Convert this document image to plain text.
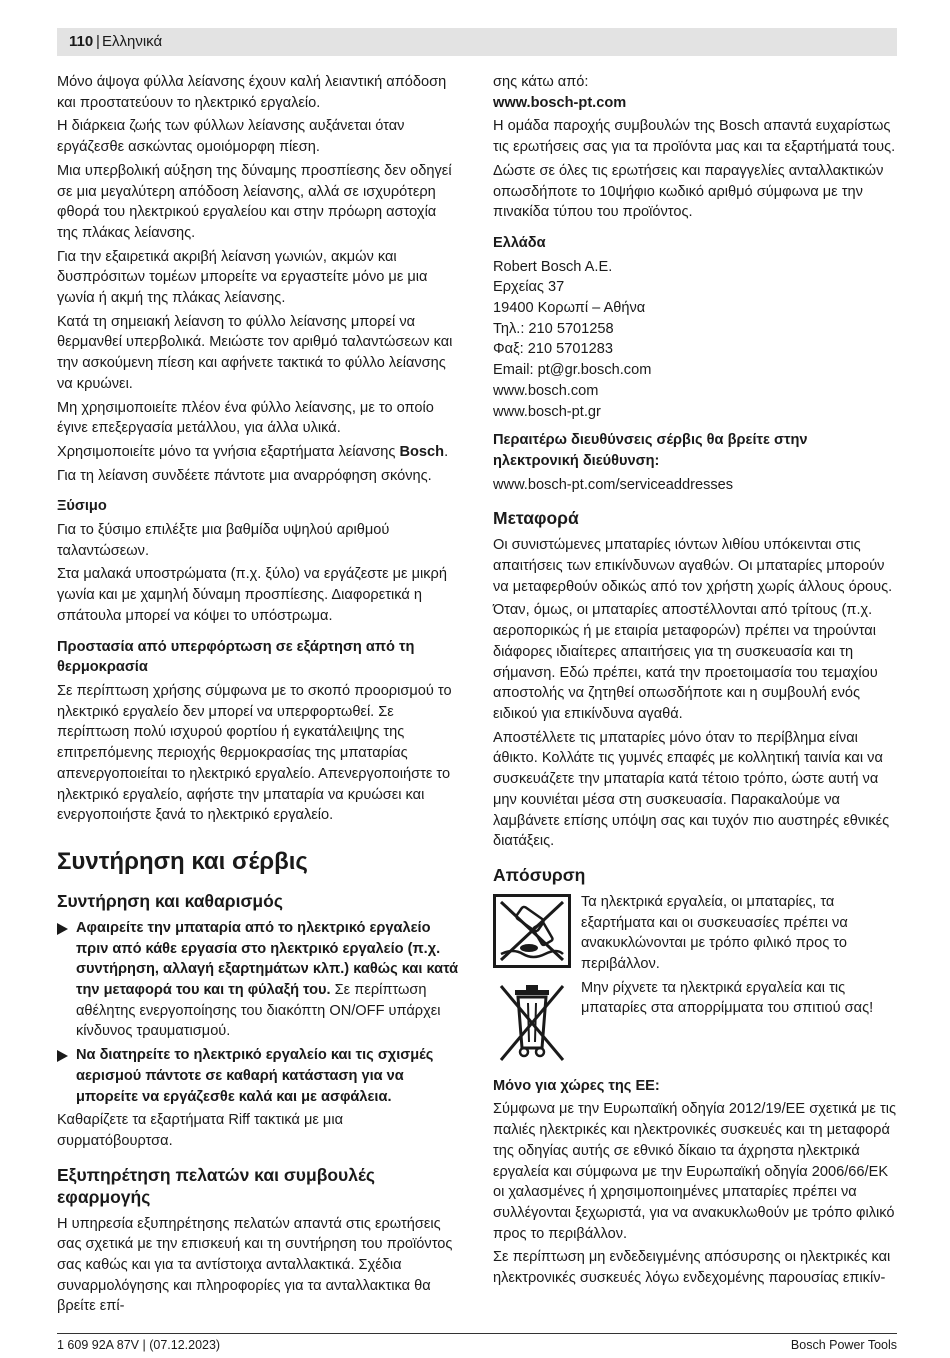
110 | Ελληνικά

Μόνο άψογα φύλλα λείανσης έχουν καλή λειαντική απόδοση και προστατεύουν το ηλεκτρικό εργαλείο.

Η διάρκεια ζωής των φύλλων λείανσης αυξάνεται όταν εργάζεσθε ασκώντας ομοιόμορφη πίεση.

Μια υπερβολική αύξηση της δύναμης προσπίεσης δεν οδηγεί σε μια μεγαλύτερη απόδοση λείανσης, αλλά σε ισχυρότερη φθορά του ηλεκτρικού εργαλείου και στην πρόωρη αστοχία της πλάκας λείανσης.

Για την εξαιρετικά ακριβή λείανση γωνιών, ακμών και δυσπρόσιτων τομέων μπορείτε να εργαστείτε μόνο με μια γωνία ή ακμή της πλάκας λείανσης.

Κατά τη σημειακή λείανση το φύλλο λείανσης μπορεί να θερμανθεί υπερβολικά. Μειώστε τον αριθμό ταλαντώσεων και την ασκούμενη πίεση και αφήνετε τακτικά το φύλλο λείανσης να κρυώνει.

Μη χρησιμοποιείτε πλέον ένα φύλλο λείανσης, με το οποίο έγινε επεξεργασία μετάλλου, για άλλα υλικά.

Χρησιμοποιείτε μόνο τα γνήσια εξαρτήματα λείανσης Bosch.

Για τη λείανση συνδέετε πάντοτε μια αναρρόφηση σκόνης.

Ξύσιμο

Για το ξύσιμο επιλέξτε μια βαθμίδα υψηλού αριθμού ταλαντώσεων.

Στα μαλακά υποστρώματα (π.χ. ξύλο) να εργάζεστε με μικρή γωνία και με χαμηλή δύναμη προσπίεσης. Διαφορετικά η σπάτουλα μπορεί να κόψει το υπόστρωμα.

Προστασία από υπερφόρτωση σε εξάρτηση από τη θερμοκρασία

Σε περίπτωση χρήσης σύμφωνα με το σκοπό προορισμού το ηλεκτρικό εργαλείο δεν μπορεί να υπερφορτωθεί. Σε περίπτωση πολύ ισχυρού φορτίου ή εγκατάλειψης της επιτρεπόμενης περιοχής θερμοκρασίας της μπαταρίας απενεργοποιείται το ηλεκτρικό εργαλείο. Απενεργοποιήστε το ηλεκτρικό εργαλείο, αφήστε την μπαταρία να κρυώσει και ενεργοποιήστε ξανά το ηλεκτρικό εργαλείο.

Συντήρηση και σέρβις
Συντήρηση και καθαρισμός
Αφαιρείτε την μπαταρία από το ηλεκτρικό εργαλείο πριν από κάθε εργασία στο ηλεκτρικό εργαλείο (π.χ. συντήρηση, αλλαγή εξαρτημάτων κλπ.) καθώς και κατά την μεταφορά του και τη φύλαξή του. Σε περίπτωση αθέλητης ενεργοποίησης του διακόπτη ON/OFF υπάρχει κίνδυνος τραυματισμού.
Να διατηρείτε το ηλεκτρικό εργαλείο και τις σχισμές αερισμού πάντοτε σε καθαρή κατάσταση για να μπορείτε να εργάζεσθε καλά και με ασφάλεια.

Καθαρίζετε τα εξαρτήματα Riff τακτικά με μια συρματόβουρτσα.

Εξυπηρέτηση πελατών και συμβουλές εφαρμογής

Η υπηρεσία εξυπηρέτησης πελατών απαντά στις ερωτήσεις σας σχετικά με την επισκευή και τη συντήρηση του προϊόντος σας καθώς και για τα αντίστοιχα ανταλλακτικά. Σχέδια συναρμολόγησης και πληροφορίες για τα ανταλλακτικα θα βρείτε επί-

σης κάτω από:

www.bosch-pt.com

Η ομάδα παροχής συμβουλών της Bosch απαντά ευχαρίστως τις ερωτήσεις σας για τα προϊόντα μας και τα εξαρτήματά τους.

Δώστε σε όλες τις ερωτήσεις και παραγγελίες ανταλλακτικών οπωσδήποτε το 10ψήφιο κωδικό αριθμό σύμφωνα με την πινακίδα τύπου του προϊόντος.

Ελλάδα
Robert Bosch A.E.
Ερχείας 37
19400 Κορωπί – Αθήνα
Τηλ.: 210 5701258
Φαξ: 210 5701283
Email: pt@gr.bosch.com
www.bosch.com
www.bosch-pt.gr
Περαιτέρω διευθύνσεις σέρβις θα βρείτε στην ηλεκτρονική διεύθυνση:

www.bosch-pt.com/serviceaddresses

Μεταφορά

Οι συνιστώμενες μπαταρίες ιόντων λιθίου υπόκεινται στις απαιτήσεις των επικίνδυνων αγαθών. Οι μπαταρίες μπορούν να μεταφερθούν οδικώς από τον χρήστη χωρίς άλλους όρους.

Όταν, όμως, οι μπαταρίες αποστέλλονται από τρίτους (π.χ. αεροπορικώς ή με εταιρία μεταφορών) πρέπει να τηρούνται διάφορες ιδιαίτερες απαιτήσεις για τη συσκευασία και τη σήμανση. Εδώ πρέπει, κατά την προετοιμασία του τεμαχίου αποστολής να ζητηθεί οπωσδήποτε και η συμβουλή ενός ειδικού για επικίνδυνα αγαθά.

Αποστέλλετε τις μπαταρίες μόνο όταν το περίβλημα είναι άθικτο. Κολλάτε τις γυμνές επαφές με κολλητική ταινία και να συσκευάζετε την μπαταρία κατά τέτοιο τρόπο, ώστε αυτή να μην κουνιέται μέσα στη συσκευασία. Παρακαλούμε να λαμβάνετε επίσης υπόψη σας και τυχόν πιο αυστηρές εθνικές διατάξεις.

Απόσυρση
Τα ηλεκτρικά εργαλεία, οι μπαταρίες, τα εξαρτήματα και οι συσκευασίες πρέπει να ανακυκλώνονται με τρόπο φιλικό προς το περιβάλλον.
Μην ρίχνετε τα ηλεκτρικά εργαλεία και τις μπαταρίες στα απορρίμματα του σπιτιού σας!
Μόνο για χώρες της ΕΕ:

Σύμφωνα με την Ευρωπαϊκή οδηγία 2012/19/ΕΕ σχετικά με τις παλιές ηλεκτρικές και ηλεκτρονικές συσκευές και τη μεταφορά της οδηγίας αυτής σε εθνικό δίκαιο τα άχρηστα ηλεκτρικά εργαλεία και σύμφωνα με την Ευρωπαϊκή οδηγία 2006/66/ΕΚ οι χαλασμένες ή χρησιμοποιημένες μπαταρίες πρέπει να συλλέγονται ξεχωριστά, για να ανακυκλωθούν με τρόπο φιλικό προς το περιβάλλον.

Σε περίπτωση μη ενδεδειγμένης απόσυρσης οι ηλεκτρικές και ηλεκτρονικές συσκευές λόγω ενδεχομένης παρουσίας επικίν-

1 609 92A 87V | (07.12.2023)	Bosch Power Tools
